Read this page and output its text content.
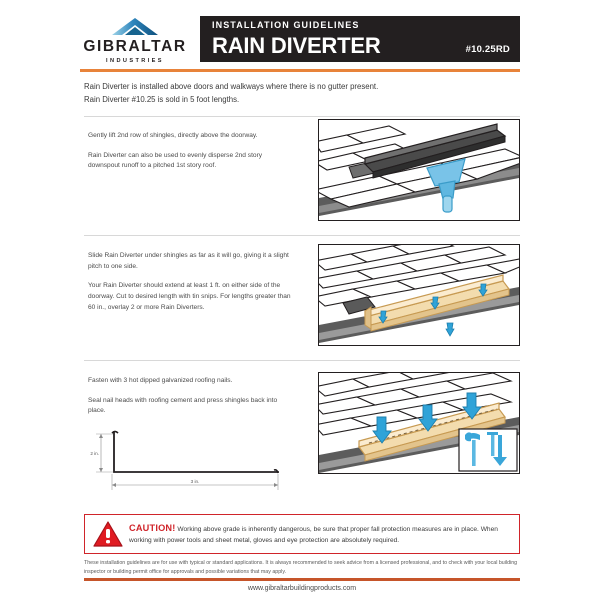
GIBRALTAR
INDUSTRIES
INSTALLATION GUIDELINES
RAIN DIVERTER	#10.25RD
Rain Diverter is installed above doors and walkways where there is no gutter present.
Rain Diverter #10.25 is sold in 5 foot lengths.

Gently lift 2nd row of shingles, directly above the doorway.

Rain Diverter can also be used to evenly disperse 2nd story downspout runoff to a pitched 1st story roof.

Slide Rain Diverter under shingles as far as it will go, giving it a slight pitch to one side.

Your Rain Diverter should extend at least 1 ft. on either side of the doorway. Cut to desired length with tin snips. For lengths greater than 60 in., overlay 2 or more Rain Diverters.

Fasten with 3 hot dipped galvanized roofing nails.

Seal nail heads with roofing cement and press shingles back into place.

2 in.
3 in.
CAUTION! Working above grade is inherently dangerous, be sure that proper fall protection measures are in place. When working with power tools and sheet metal, gloves and eye protection are absolutely required.
These installation guidelines are for use with typical or standard applications. It is always recommended to seek advice from a licensed professional, and to check with your local building inspector or building permit office for approvals and possible variations that may apply.
www.gibraltarbuildingproducts.com
